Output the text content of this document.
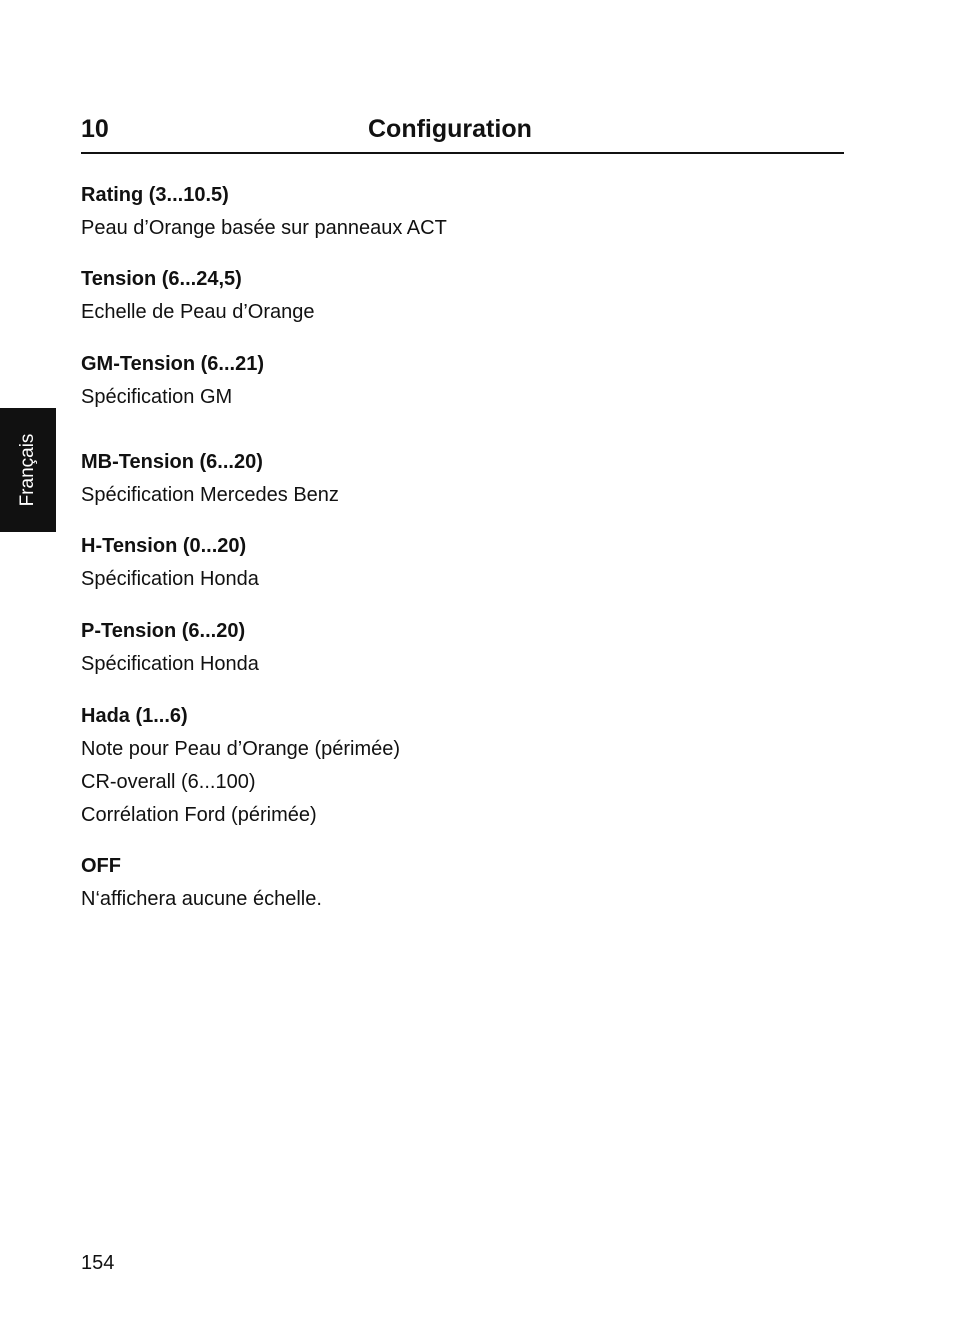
10	Configuration
Français
Rating (3...10.5)
Peau d’Orange basée sur panneaux ACT
Tension (6...24,5)
Echelle de Peau d’Orange
GM-Tension (6...21)
Spécification GM
MB-Tension (6...20)
Spécification Mercedes Benz
H-Tension (0...20)
Spécification Honda
P-Tension (6...20)
Spécification Honda
Hada (1...6)
Note pour Peau d’Orange (périmée)
CR-overall (6...100)
Corrélation Ford (périmée)
OFF
N‘affichera aucune échelle.
154
